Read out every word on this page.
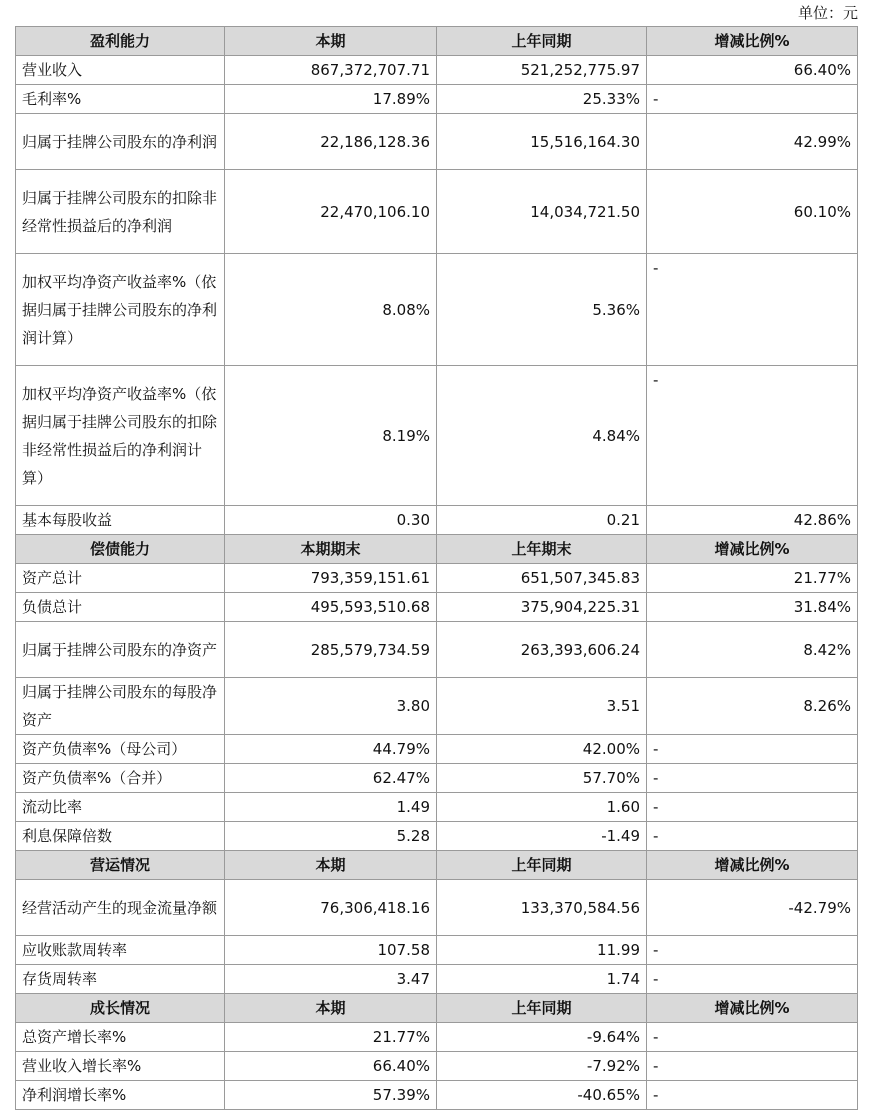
单位：元
盈利能力	本期	上年同期	增减比例%
营业收入	867,372,707.71	521,252,775.97	66.40%
毛利率%	17.89%	25.33%	-
归属于挂牌公司股东的净利润	22,186,128.36	15,516,164.30	42.99%
归属于挂牌公司股东的扣除非经常性损益后的净利润	22,470,106.10	14,034,721.50	60.10%
加权平均净资产收益率%（依据归属于挂牌公司股东的净利润计算）	8.08%	5.36%	-
加权平均净资产收益率%（依据归属于挂牌公司股东的扣除非经常性损益后的净利润计算）	8.19%	4.84%	-
基本每股收益	0.30	0.21	42.86%
偿债能力	本期期末	上年期末	增减比例%
资产总计	793,359,151.61	651,507,345.83	21.77%
负债总计	495,593,510.68	375,904,225.31	31.84%
归属于挂牌公司股东的净资产	285,579,734.59	263,393,606.24	8.42%
归属于挂牌公司股东的每股净资产	3.80	3.51	8.26%
资产负债率%（母公司）	44.79%	42.00%	-
资产负债率%（合并）	62.47%	57.70%	-
流动比率	1.49	1.60	-
利息保障倍数	5.28	-1.49	-
营运情况	本期	上年同期	增减比例%
经营活动产生的现金流量净额	76,306,418.16	133,370,584.56	-42.79%
应收账款周转率	107.58	11.99	-
存货周转率	3.47	1.74	-
成长情况	本期	上年同期	增减比例%
总资产增长率%	21.77%	-9.64%	-
营业收入增长率%	66.40%	-7.92%	-
净利润增长率%	57.39%	-40.65%	-
